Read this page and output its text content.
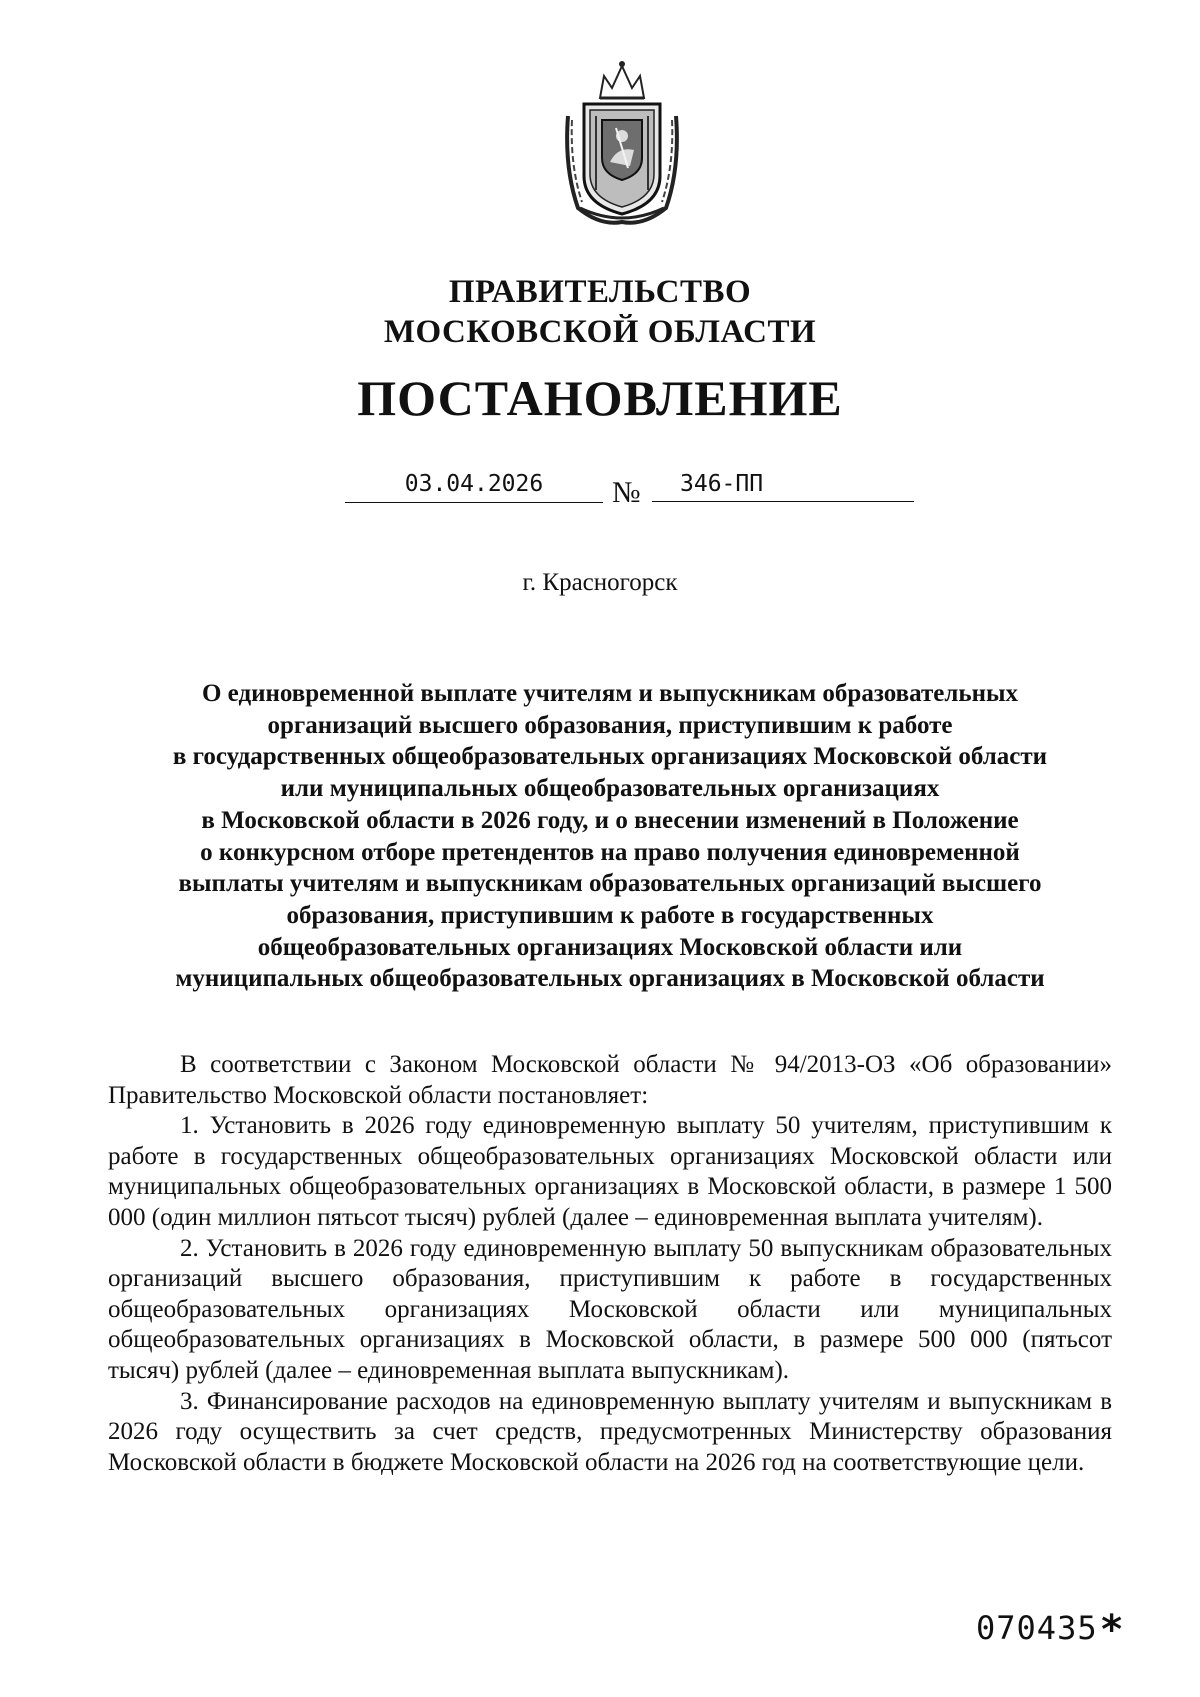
ПРАВИТЕЛЬСТВО
МОСКОВСКОЙ ОБЛАСТИ
ПОСТАНОВЛЕНИЕ
03.04.2026	№	346-ПП
г. Красногорск
О единовременной выплате учителям и выпускникам образовательных
организаций высшего образования, приступившим к работе
в государственных общеобразовательных организациях Московской области
или муниципальных общеобразовательных организациях
в Московской области в 2026 году, и о внесении изменений в Положение
о конкурсном отборе претендентов на право получения единовременной
выплаты учителям и выпускникам образовательных организаций высшего
образования, приступившим к работе в государственных
общеобразовательных организациях Московской области или
муниципальных общеобразовательных организациях в Московской области

В соответствии с Законом Московской области № 94/2013-ОЗ «Об образовании» Правительство Московской области постановляет:

1. Установить в 2026 году единовременную выплату 50 учителям, приступившим к работе в государственных общеобразовательных организациях Московской области или муниципальных общеобразовательных организациях в Московской области, в размере 1 500 000 (один миллион пятьсот тысяч) рублей (далее – единовременная выплата учителям).

2. Установить в 2026 году единовременную выплату 50 выпускникам образовательных организаций высшего образования, приступившим к работе в государственных общеобразовательных организациях Московской области или муниципальных общеобразовательных организациях в Московской области, в размере 500 000 (пятьсот тысяч) рублей (далее – единовременная выплата выпускникам).

3. Финансирование расходов на единовременную выплату учителям и выпускникам в 2026 году осуществить за счет средств, предусмотренных Министерству образования Московской области в бюджете Московской области на 2026 год на соответствующие цели.

070435*
